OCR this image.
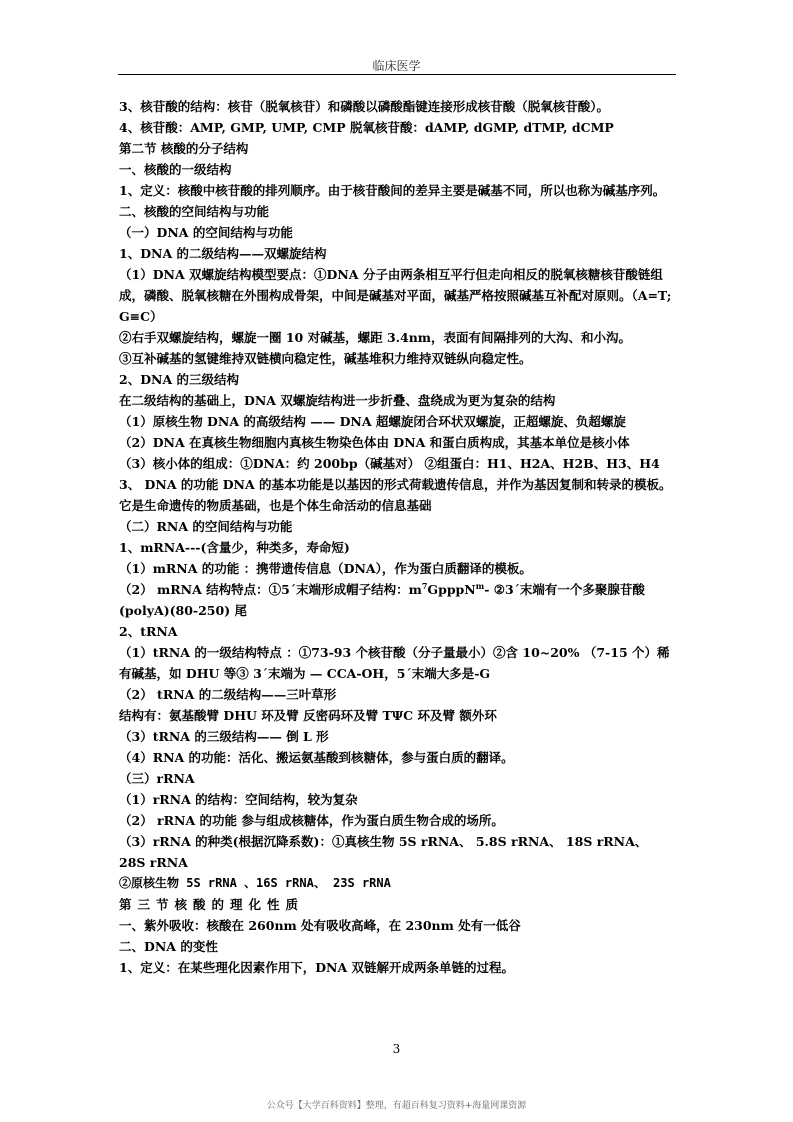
临床医学

3、核苷酸的结构：核苷（脱氧核苷）和磷酸以磷酸酯键连接形成核苷酸（脱氧核苷酸）。

4、核苷酸：AMP, GMP, UMP, CMP 脱氧核苷酸：dAMP, dGMP, dTMP, dCMP

第二节 核酸的分子结构

一、核酸的一级结构

1、定义：核酸中核苷酸的排列顺序。由于核苷酸间的差异主要是碱基不同，所以也称为碱基序列。

二、核酸的空间结构与功能

（一）DNA 的空间结构与功能

1、DNA 的二级结构——双螺旋结构

（1）DNA 双螺旋结构模型要点：①DNA 分子由两条相互平行但走向相反的脱氧核糖核苷酸链组成，磷酸、脱氧核糖在外围构成骨架，中间是碱基对平面，碱基严格按照碱基互补配对原则。（A=T; G≡C）

②右手双螺旋结构，螺旋一圈 10 对碱基，螺距 3.4nm，表面有间隔排列的大沟、和小沟。

③互补碱基的氢键维持双链横向稳定性，碱基堆积力维持双链纵向稳定性。

2、DNA 的三级结构

在二级结构的基础上，DNA 双螺旋结构进一步折叠、盘绕成为更为复杂的结构

（1）原核生物 DNA 的高级结构 —— DNA 超螺旋闭合环状双螺旋，正超螺旋、负超螺旋

（2）DNA 在真核生物细胞内真核生物染色体由 DNA 和蛋白质构成，其基本单位是核小体

（3）核小体的组成：①DNA：约 200bp（碱基对） ②组蛋白：H1、H2A、H2B、H3、H4

3、 DNA 的功能 DNA 的基本功能是以基因的形式荷载遗传信息，并作为基因复制和转录的模板。它是生命遗传的物质基础，也是个体生命活动的信息基础

（二）RNA 的空间结构与功能

1、mRNA---(含量少，种类多，寿命短)

（1）mRNA 的功能 ：携带遗传信息（DNA），作为蛋白质翻译的模板。

（2） mRNA 结构特点：①5´末端形成帽子结构：$m^7GpppN^m-$ ②3´末端有一个多聚腺苷酸(polyA)(80-250) 尾

2、tRNA

（1）tRNA 的一级结构特点 ：①73-93 个核苷酸（分子量最小）②含 10~20% （7-15 个）稀有碱基，如 DHU 等③ 3´末端为 — CCA-OH，5´末端大多是-G

（2） tRNA 的二级结构——三叶草形

结构有：氨基酸臂 DHU 环及臂 反密码环及臂 TΨC 环及臂 额外环

（3）tRNA 的三级结构—— 倒 L 形

（4）RNA 的功能：活化、搬运氨基酸到核糖体，参与蛋白质的翻译。

（三）rRNA

（1）rRNA 的结构：空间结构，较为复杂

（2） rRNA 的功能 参与组成核糖体，作为蛋白质生物合成的场所。

（3）rRNA 的种类(根据沉降系数)：①真核生物 5S rRNA、 5.8S rRNA、 18S rRNA、 28S rRNA

②原核生物 5S rRNA 、16S rRNA、 23S rRNA

第三节核酸的理化性质

一、紫外吸收：核酸在 260nm 处有吸收高峰，在 230nm 处有一低谷

二、DNA 的变性

1、定义：在某些理化因素作用下，DNA 双链解开成两条单链的过程。

3
公众号【大学百科资料】整理，有超百科复习资料+海量网课资源
